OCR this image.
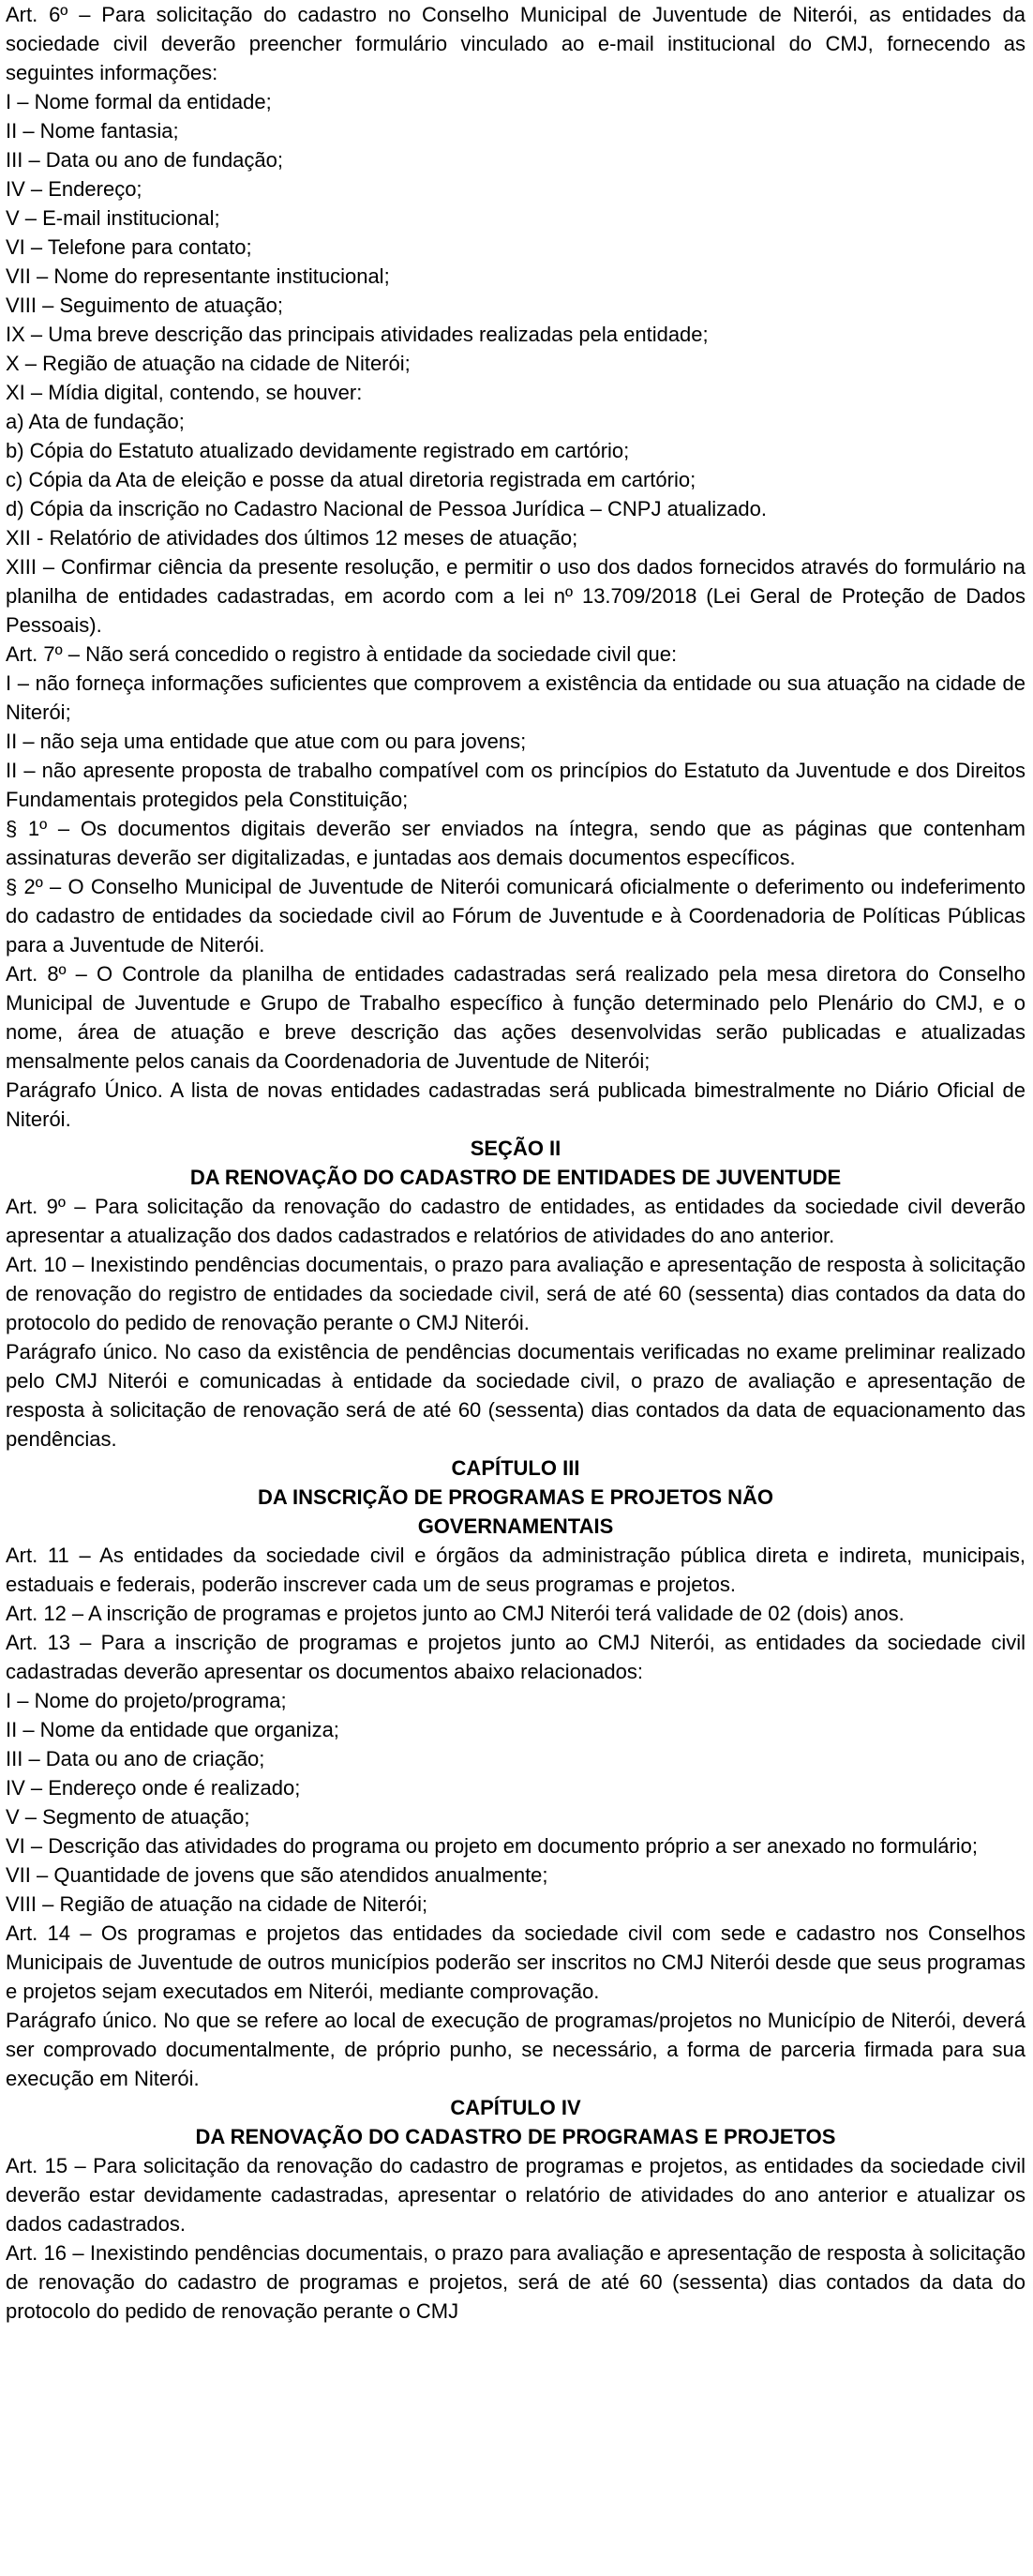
Art. 6º – Para solicitação do cadastro no Conselho Municipal de Juventude de Niterói, as entidades da sociedade civil deverão preencher formulário vinculado ao e-mail institucional do CMJ, fornecendo as seguintes informações:

I – Nome formal da entidade;

II – Nome fantasia;

III – Data ou ano de fundação;

IV – Endereço;

V – E-mail institucional;

VI – Telefone para contato;

VII – Nome do representante institucional;

VIII – Seguimento de atuação;

IX – Uma breve descrição das principais atividades realizadas pela entidade;

X – Região de atuação na cidade de Niterói;

XI – Mídia digital, contendo, se houver:

a) Ata de fundação;

b) Cópia do Estatuto atualizado devidamente registrado em cartório;

c) Cópia da Ata de eleição e posse da atual diretoria registrada em cartório;

d) Cópia da inscrição no Cadastro Nacional de Pessoa Jurídica – CNPJ atualizado.

XII - Relatório de atividades dos últimos 12 meses de atuação;

XIII – Confirmar ciência da presente resolução, e permitir o uso dos dados fornecidos através do formulário na planilha de entidades cadastradas, em acordo com a lei nº 13.709/2018 (Lei Geral de Proteção de Dados Pessoais).

Art. 7º – Não será concedido o registro à entidade da sociedade civil que:

I – não forneça informações suficientes que comprovem a existência da entidade ou sua atuação na cidade de Niterói;

II – não seja uma entidade que atue com ou para jovens;

II – não apresente proposta de trabalho compatível com os princípios do Estatuto da Juventude e dos Direitos Fundamentais protegidos pela Constituição;

§ 1º – Os documentos digitais deverão ser enviados na íntegra, sendo que as páginas que contenham assinaturas deverão ser digitalizadas, e juntadas aos demais documentos específicos.

§ 2º – O Conselho Municipal de Juventude de Niterói comunicará oficialmente o deferimento ou indeferimento do cadastro de entidades da sociedade civil ao Fórum de Juventude e à Coordenadoria de Políticas Públicas para a Juventude de Niterói.

Art. 8º – O Controle da planilha de entidades cadastradas será realizado pela mesa diretora do Conselho Municipal de Juventude e Grupo de Trabalho específico à função determinado pelo Plenário do CMJ, e o nome, área de atuação e breve descrição das ações desenvolvidas serão publicadas e atualizadas mensalmente pelos canais da Coordenadoria de Juventude de Niterói;

Parágrafo Único. A lista de novas entidades cadastradas será publicada bimestralmente no Diário Oficial de Niterói.

SEÇÃO II
DA RENOVAÇÃO DO CADASTRO DE ENTIDADES DE JUVENTUDE

Art. 9º – Para solicitação da renovação do cadastro de entidades, as entidades da sociedade civil deverão apresentar a atualização dos dados cadastrados e relatórios de atividades do ano anterior.

Art. 10 – Inexistindo pendências documentais, o prazo para avaliação e apresentação de resposta à solicitação de renovação do registro de entidades da sociedade civil, será de até 60 (sessenta) dias contados da data do protocolo do pedido de renovação perante o CMJ Niterói.

Parágrafo único. No caso da existência de pendências documentais verificadas no exame preliminar realizado pelo CMJ Niterói e comunicadas à entidade da sociedade civil, o prazo de avaliação e apresentação de resposta à solicitação de renovação será de até 60 (sessenta) dias contados da data de equacionamento das pendências.

CAPÍTULO III
DA INSCRIÇÃO DE PROGRAMAS E PROJETOS NÃO
GOVERNAMENTAIS

Art. 11 – As entidades da sociedade civil e órgãos da administração pública direta e indireta, municipais, estaduais e federais, poderão inscrever cada um de seus programas e projetos.

Art. 12 – A inscrição de programas e projetos junto ao CMJ Niterói terá validade de 02 (dois) anos.

Art. 13 – Para a inscrição de programas e projetos junto ao CMJ Niterói, as entidades da sociedade civil cadastradas deverão apresentar os documentos abaixo relacionados:

I – Nome do projeto/programa;

II – Nome da entidade que organiza;

III – Data ou ano de criação;

IV – Endereço onde é realizado;

V – Segmento de atuação;

VI – Descrição das atividades do programa ou projeto em documento próprio a ser anexado no formulário;

VII – Quantidade de jovens que são atendidos anualmente;

VIII – Região de atuação na cidade de Niterói;

Art. 14 – Os programas e projetos das entidades da sociedade civil com sede e cadastro nos Conselhos Municipais de Juventude de outros municípios poderão ser inscritos no CMJ Niterói desde que seus programas e projetos sejam executados em Niterói, mediante comprovação.

Parágrafo único. No que se refere ao local de execução de programas/projetos no Município de Niterói, deverá ser comprovado documentalmente, de próprio punho, se necessário, a forma de parceria firmada para sua execução em Niterói.

CAPÍTULO IV
DA RENOVAÇÃO DO CADASTRO DE PROGRAMAS E PROJETOS

Art. 15 – Para solicitação da renovação do cadastro de programas e projetos, as entidades da sociedade civil deverão estar devidamente cadastradas, apresentar o relatório de atividades do ano anterior e atualizar os dados cadastrados.

Art. 16 – Inexistindo pendências documentais, o prazo para avaliação e apresentação de resposta à solicitação de renovação do cadastro de programas e projetos, será de até 60 (sessenta) dias contados da data do protocolo do pedido de renovação perante o CMJ
